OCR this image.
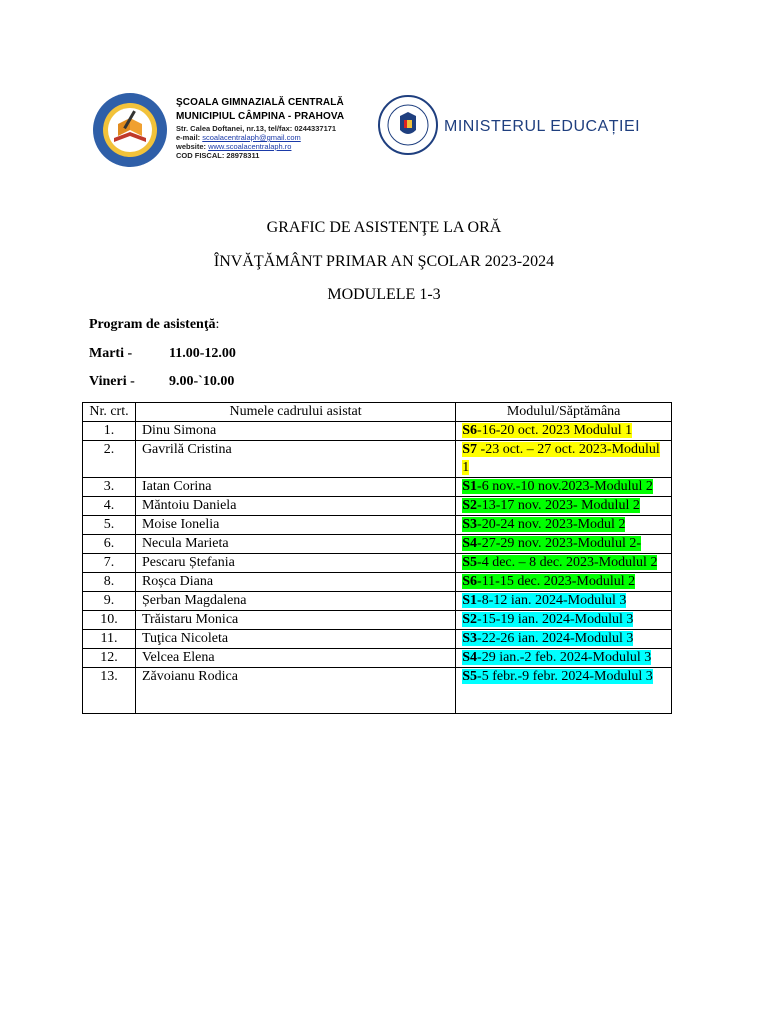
ŞCOALA GIMNAZIALĂ CENTRALĂ
MUNICIPIUL CÂMPINA - PRAHOVA
Str. Calea Doftanei, nr.13, tel/fax: 0244337171
e-mail: scoalacentralaph@gmail.com
website: www.scoalacentralaph.ro
COD FISCAL: 28978311
MINISTERUL EDUCAȚIEI
GRAFIC DE ASISTENŢE LA ORĂ
ÎNVĂŢĂMÂNT PRIMAR AN ŞCOLAR 2023-2024
MODULELE 1-3
Program de asistenţă:
Marti -	11.00-12.00
Vineri - 9.00-`10.00
Nr. crt.	Numele cadrului asistat	Modulul/Săptămâna
1.	Dinu Simona	S6-16-20 oct. 2023 Modulul 1
2.	Gavrilă Cristina	S7 -23 oct. – 27 oct. 2023-Modulul 1
3.	Iatan Corina	S1-6 nov.-10 nov.2023-Modulul 2
4.	Măntoiu Daniela	S2-13-17 nov. 2023- Modulul 2
5.	Moise Ionelia	S3-20-24 nov. 2023-Modul 2
6.	Necula Marieta	S4-27-29 nov. 2023-Modulul 2-
7.	Pescaru Ștefania	S5-4 dec. – 8 dec. 2023-Modulul 2
8.	Roșca Diana	S6-11-15 dec. 2023-Modulul 2
9.	Șerban Magdalena	S1-8-12 ian. 2024-Modulul 3
10.	Trăistaru Monica	S2-15-19 ian. 2024-Modulul 3
11.	Tuţica Nicoleta	S3-22-26 ian. 2024-Modulul 3
12.	Velcea Elena	S4-29 ian.-2 feb. 2024-Modulul 3
13.	Zăvoianu Rodica	S5-5 febr.-9 febr. 2024-Modulul 3
